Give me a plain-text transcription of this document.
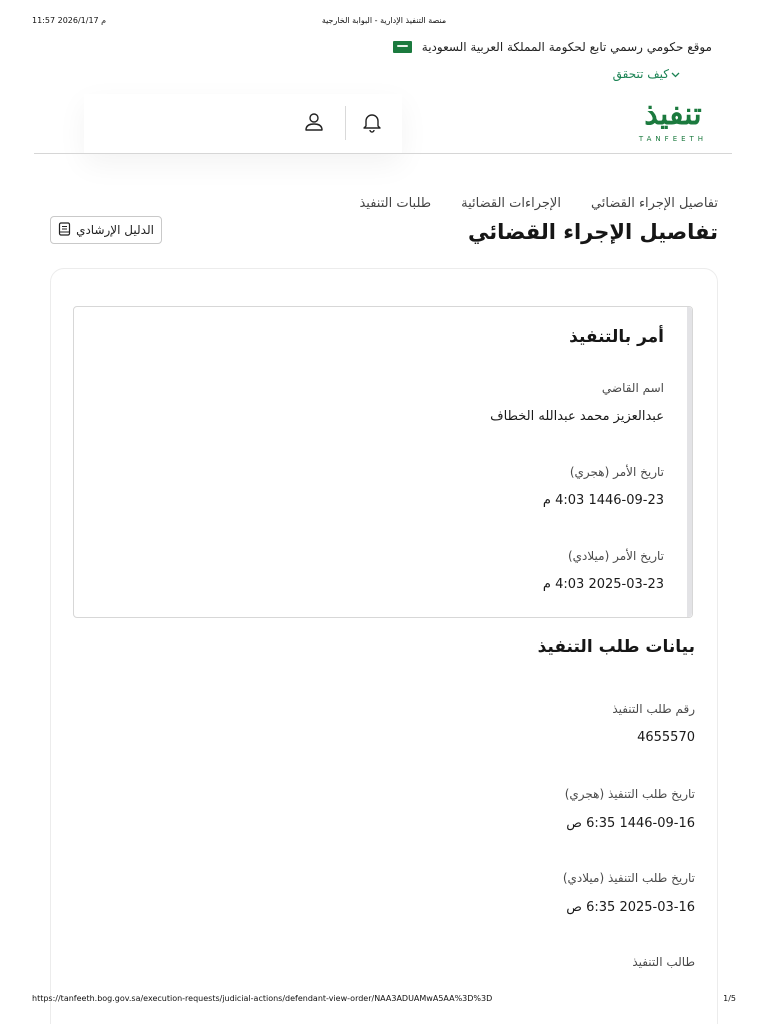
11:57 2026/1/17 م	منصة التنفيذ الإدارية - البوابة الخارجية
موقع حكومي رسمي تابع لحكومة المملكة العربية السعودية
كيف تتحقق
تنفيذ
TANFEETH
طلبات التنفيذ الإجراءات القضائية تفاصيل الإجراء القضائي
تفاصيل الإجراء القضائي
الدليل الإرشادي
أمر بالتنفيذ
اسم القاضي
عبدالعزيز محمد عبدالله الخطاف
تاريخ الأمر (هجري)
1446-09-23 4:03 م
تاريخ الأمر (ميلادي)
2025-03-23 4:03 م
بيانات طلب التنفيذ
رقم طلب التنفيذ
4655570
تاريخ طلب التنفيذ (هجري)
1446-09-16 6:35 ص
تاريخ طلب التنفيذ (ميلادي)
2025-03-16 6:35 ص
طالب التنفيذ
https://tanfeeth.bog.gov.sa/execution-requests/judicial-actions/defendant-view-order/NAA3ADUAMwA5AA%3D%3D	1/5
